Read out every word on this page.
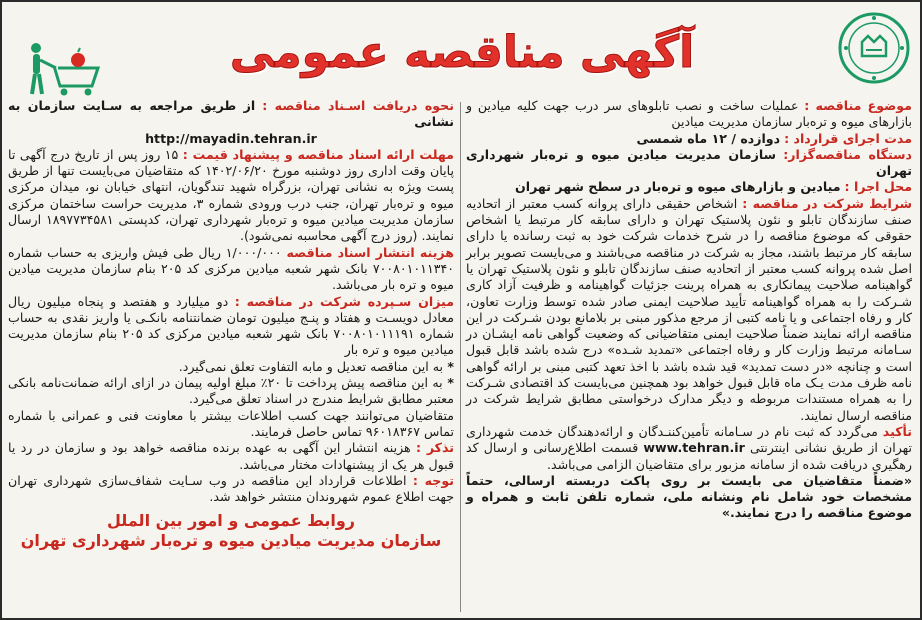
آگهی مناقصه عمومی

موضوع مناقصه : عملیات ساخت و نصب تابلوهای سر درب جهت کلیه میادین و بازارهای میوه و تره‌بار سازمان مدیریت میادین

مدت اجرای قرارداد : دوازده / ۱۲ ماه شمسی

دستگاه مناقصه‌گزار: سازمان مدیریت میادین میوه و تره‌بار شهرداری تهران

محل اجرا : میادین و بازارهای میوه و تره‌بار در سطح شهر تهران

شرایط شرکت در مناقصه : اشخاص حقیقی دارای پروانه کسب معتبر از اتحادیه صنف سازندگان تابلو و نئون پلاستیک تهران و دارای سابقه کار مرتبط یا اشخاص حقوقی که موضوع مناقصه را در شرح خدمات شرکت خود به ثبت رسانده یا دارای سابقه کار مرتبط باشند، مجاز به شرکت در مناقصه می‌باشند و می‌بایست تصویر برابر اصل شده پروانه کسب معتبر از اتحادیه صنف سازندگان تابلو و نئون پلاستیک تهران یا گواهینامه صلاحیت پیمانکاری به همراه پرینت جزئیات گواهینامه و ظرفیت آزاد کاری شـرکت را به همراه گواهینامه تأیید صلاحیت ایمنی صادر شده توسط وزارت تعاون، کار و رفاه اجتماعی و یا نامه کتبی از مرجع مذکور مبنی بر بلامانع بودن شـرکت در این مناقصه ارائه نمایند ضمناً صلاحیت ایمنی متقاضیانی که وضعیت گواهی نامه ایشـان در سـامانه مرتبط وزارت کار و رفاه اجتماعی «تمدید شـده» درج شده باشد قابل قبول است و چنانچه «در دست تمدید» قید شده باشد با اخذ تعهد کتبی مبنی بر ارائه گواهی نامه ظرف مدت یـک ماه قابل قبول خواهد بود همچنین می‌بایست کد اقتصادی شـرکت را به همراه مستندات مربوطه و دیگر مدارک درخواستی مطابق شرایط شرکت در مناقصه ارسال نمایند.

تأکید می‌گردد که ثبت نام در سـامانه تأمین‌کننـدگان و ارائه‌دهندگان خدمت شهرداری تهران از طریق نشانی اینترنتی www.tehran.ir قسمت اطلاع‌رسانی و ارسال کد رهگیری دریافت شده از سامانه مزبور برای متقاضیان الزامی می‌باشد.

«ضمناً متقاضیان می بایست بر روی پاکت دربسته ارسالی، حتماً مشخصات خود شامل نام ونشانه ملی، شماره تلفن ثابت و همراه و موضوع مناقصه را درج نمایند.»

نحوه دریافت اسـناد مناقصه : از طریق مراجعه به سـایت سازمان به نشانی

http://mayadin.tehran.ir

مهلت ارائه اسناد مناقصه و پیشنهاد قیمت : ۱۵ روز پس از تاریخ درج آگهی تا پایان وقت اداری روز دوشنبه مورخ ۱۴۰۲/۰۶/۲۰ که متقاضیان می‌بایست تنها از طریق پست ویژه به نشانی تهران، بزرگراه شهید تندگویان، انتهای خیابان نو، میدان مرکزی میوه و تره‌بار تهران، جنب درب ورودی شماره ۳، مدیریت حراست ساختمان مرکزی سازمان مدیریت میادین میوه و تره‌بار شهرداری تهران، کدپستی ۱۸۹۷۷۳۴۵۸۱ ارسال نمایند. (روز درج آگهی محاسبه نمی‌شود).

هزینه انتشار اسناد مناقصه ۱/۰۰۰/۰۰۰ ریال طی فیش واریزی به حساب شماره ۷۰۰۸۰۱۰۱۱۳۴۰ بانک شهر شعبه میادین مرکزی کد ۲۰۵ بنام سازمان مدیریت میادین میوه و تره بار می‌باشد.

میزان سـپرده شرکت در مناقصه : دو میلیارد و هفتصد و پنجاه میلیون ریال معادل دویسـت و هفتاد و پنـج میلیون تومان ضمانتنامه بانکـی یا واریز نقدی به حساب شماره ۷۰۰۸۰۱۰۱۱۱۹۱ بانک شهر شعبه میادین مرکزی کد ۲۰۵ بنام سازمان مدیریت میادین میوه و تره بار

* به این مناقصه تعدیل و مابه التفاوت تعلق نمی‌گیرد.

* به این مناقصه پیش پرداخت تا ۲۰٪ مبلغ اولیه پیمان در ازای ارائه ضمانت‌نامه بانکی معتبر مطابق شرایط مندرج در اسناد تعلق می‌گیرد.

متقاضیان می‌توانند جهت کسب اطلاعات بیشتر با معاونت فنی و عمرانی با شماره تماس ۹۶۰۱۸۳۶۷ تماس حاصل فرمایند.

تذکر : هزینه انتشار این آگهی به عهده برنده مناقصه خواهد بود و سازمان در رد یا قبول هر یک از پیشنهادات مختار می‌باشد.

توجه : اطلاعات قرارداد این مناقصه در وب سـایت شفاف‌سازی شهرداری تهران جهت اطلاع عموم شهروندان منتشر خواهد شد.

روابط عمومی و امور بین الملل
سازمان مدیریت میادین میوه و تره‌بار شهرداری تهران
